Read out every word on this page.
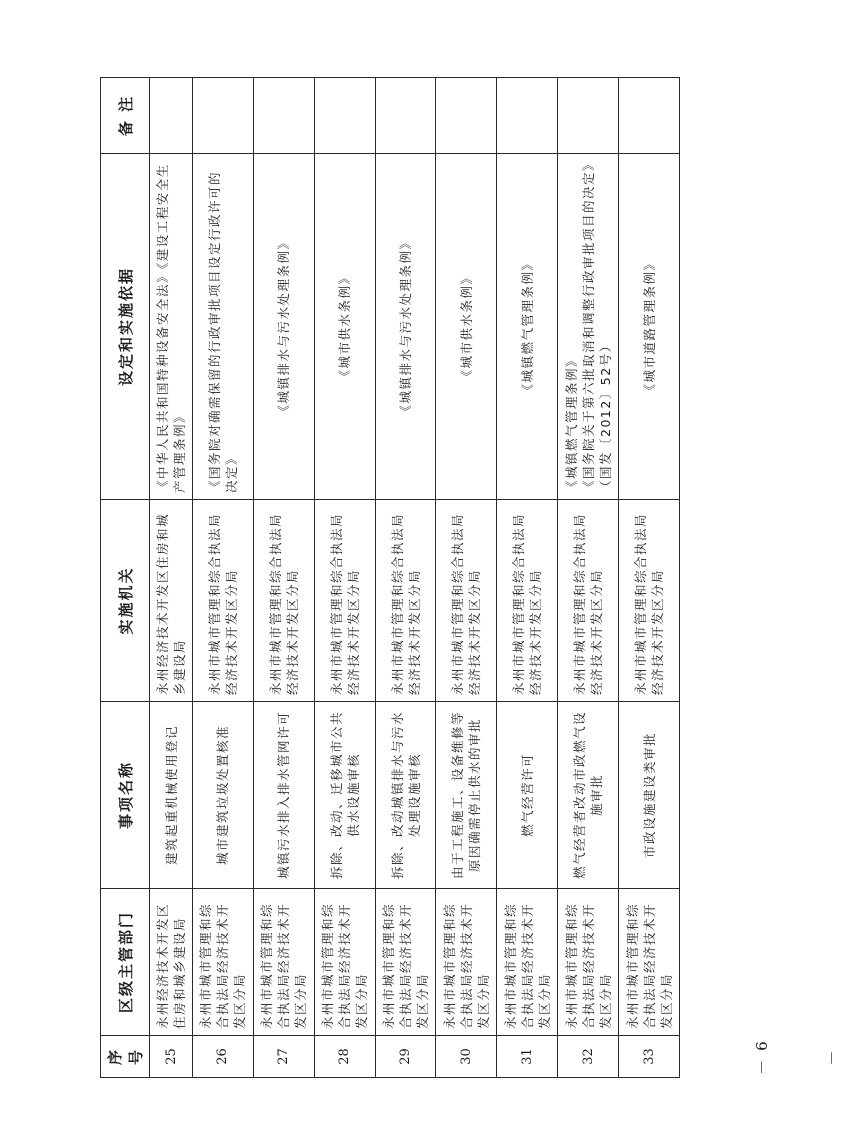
序号	区级主管部门	事项名称	实施机关	设定和实施依据	备 注
25	永州经济技术开发区住房和城乡建设局	建筑起重机械使用登记	永州经济技术开发区住房和城乡建设局	《中华人民共和国特种设备安全法》《建设工程安全生产管理条例》	
26	永州市城市管理和综合执法局经济技术开发区分局	城市建筑垃圾处置核准	永州市城市管理和综合执法局经济技术开发区分局	《国务院对确需保留的行政审批项目设定行政许可的决定》	
27	永州市城市管理和综合执法局经济技术开发区分局	城镇污水排入排水管网许可	永州市城市管理和综合执法局经济技术开发区分局	《城镇排水与污水处理条例》	
28	永州市城市管理和综合执法局经济技术开发区分局	拆除、改动、迁移城市公共供水设施审核	永州市城市管理和综合执法局经济技术开发区分局	《城市供水条例》	
29	永州市城市管理和综合执法局经济技术开发区分局	拆除、改动城镇排水与污水处理设施审核	永州市城市管理和综合执法局经济技术开发区分局	《城镇排水与污水处理条例》	
30	永州市城市管理和综合执法局经济技术开发区分局	由于工程施工、设备维修等原因确需停止供水的审批	永州市城市管理和综合执法局经济技术开发区分局	《城市供水条例》	
31	永州市城市管理和综合执法局经济技术开发区分局	燃气经营许可	永州市城市管理和综合执法局经济技术开发区分局	《城镇燃气管理条例》	
32	永州市城市管理和综合执法局经济技术开发区分局	燃气经营者改动市政燃气设施审批	永州市城市管理和综合执法局经济技术开发区分局	《城镇燃气管理条例》 《国务院关于第六批取消和调整行政审批项目的决定》（国发〔2012〕52号）	
33	永州市城市管理和综合执法局经济技术开发区分局	市政设施建设类审批	永州市城市管理和综合执法局经济技术开发区分局	《城市道路管理条例》	
－ 6 －
